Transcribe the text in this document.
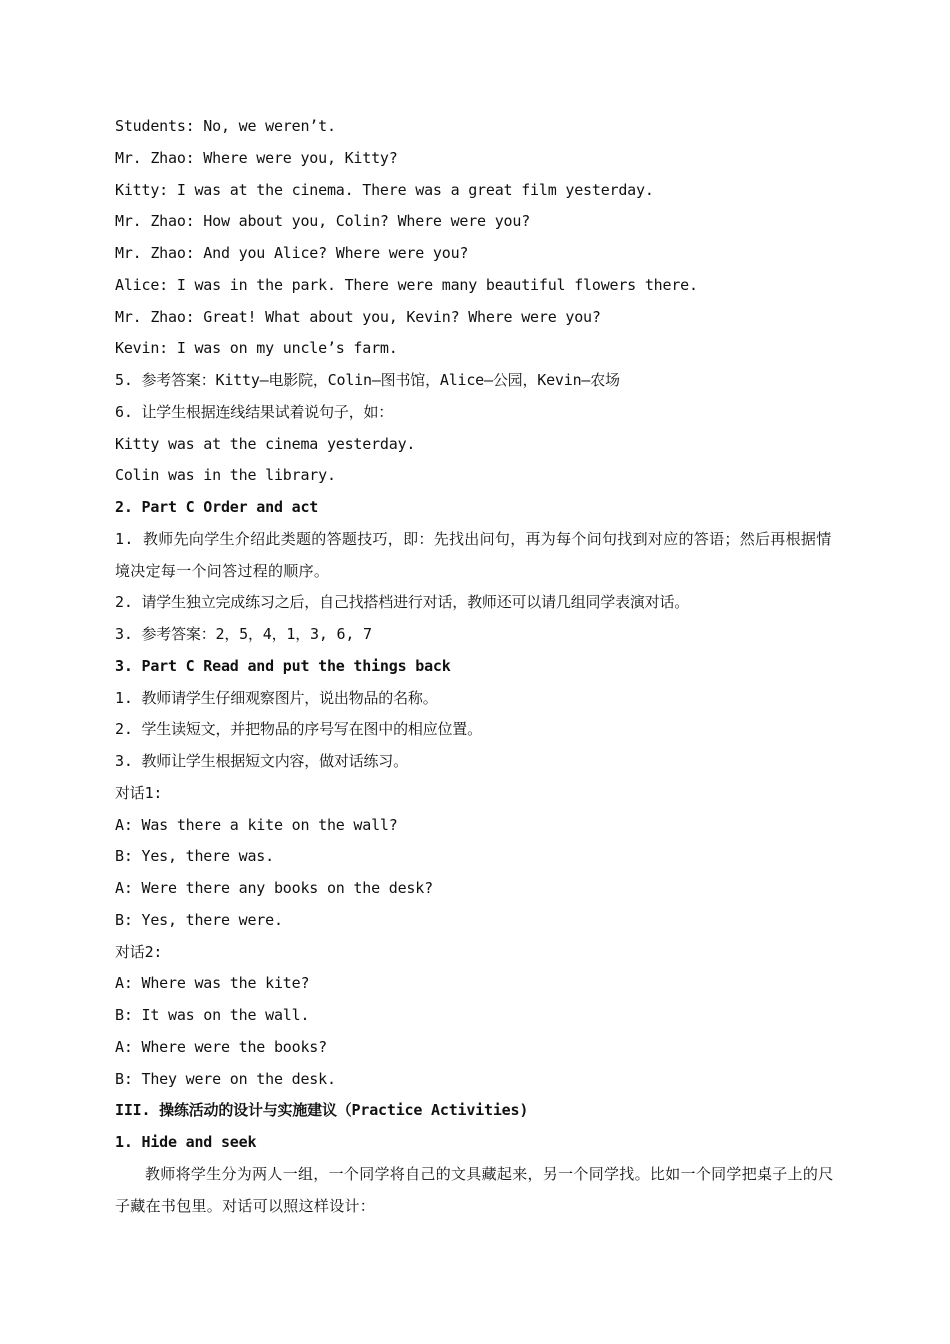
Students: No, we weren’t.
Mr. Zhao: Where were you, Kitty?
Kitty: I was at the cinema. There was a great film yesterday.
Mr. Zhao: How about you, Colin? Where were you?
Mr. Zhao: And you Alice? Where were you?
Alice: I was in the park. There were many beautiful flowers there.
Mr. Zhao: Great! What about you, Kevin? Where were you?
Kevin: I was on my uncle’s farm.
5. 参考答案：Kitty—电影院，Colin—图书馆，Alice—公园，Kevin—农场
6. 让学生根据连线结果试着说句子，如：
Kitty was at the cinema yesterday.
Colin was in the library.
2. Part C Order and act
1. 教师先向学生介绍此类题的答题技巧，即：先找出问句，再为每个问句找到对应的答语；然后再根据情境决定每一个问答过程的顺序。
2. 请学生独立完成练习之后，自己找搭档进行对话，教师还可以请几组同学表演对话。
3. 参考答案：2，5，4，1，3, 6, 7
3. Part C Read and put the things back
1. 教师请学生仔细观察图片，说出物品的名称。
2. 学生读短文，并把物品的序号写在图中的相应位置。
3. 教师让学生根据短文内容，做对话练习。
对话1:
A: Was there a kite on the wall?
B: Yes, there was.
A: Were there any books on the desk?
B: Yes, there were.
对话2:
A: Where was the kite?
B: It was on the wall.
A: Where were the books?
B: They were on the desk.
III. 操练活动的设计与实施建议（Practice Activities)
1. Hide and seek
教师将学生分为两人一组，一个同学将自己的文具藏起来，另一个同学找。比如一个同学把桌子上的尺子藏在书包里。对话可以照这样设计：
